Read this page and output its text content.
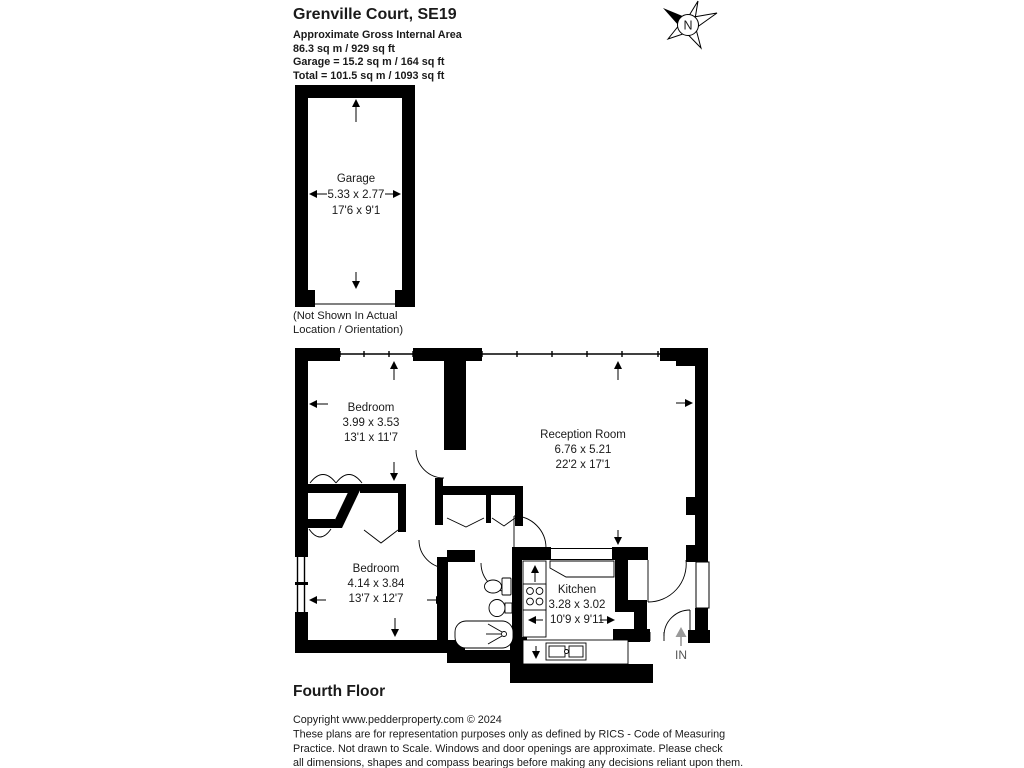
Grenville Court, SE19
Approximate Gross Internal Area
86.3 sq m / 929 sq ft
Garage = 15.2 sq m / 164 sq ft
Total = 101.5 sq m / 1093 sq ft
N
Garage
5.33 x 2.77
17'6 x 9'1
(Not Shown In Actual
Location / Orientation)
Bedroom
3.99 x 3.53
13'1 x 11'7	Reception Room
6.76 x 5.21
22'2 x 17'1
Bedroom
4.14 x 3.84
13'7 x 12'7
Kitchen
3.28 x 3.02
10'9 x 9'11
IN
Fourth Floor
Copyright www.pedderproperty.com © 2024
These plans are for representation purposes only as defined by RICS - Code of Measuring
Practice. Not drawn to Scale. Windows and door openings are approximate. Please check
all dimensions, shapes and compass bearings before making any decisions reliant upon them.
